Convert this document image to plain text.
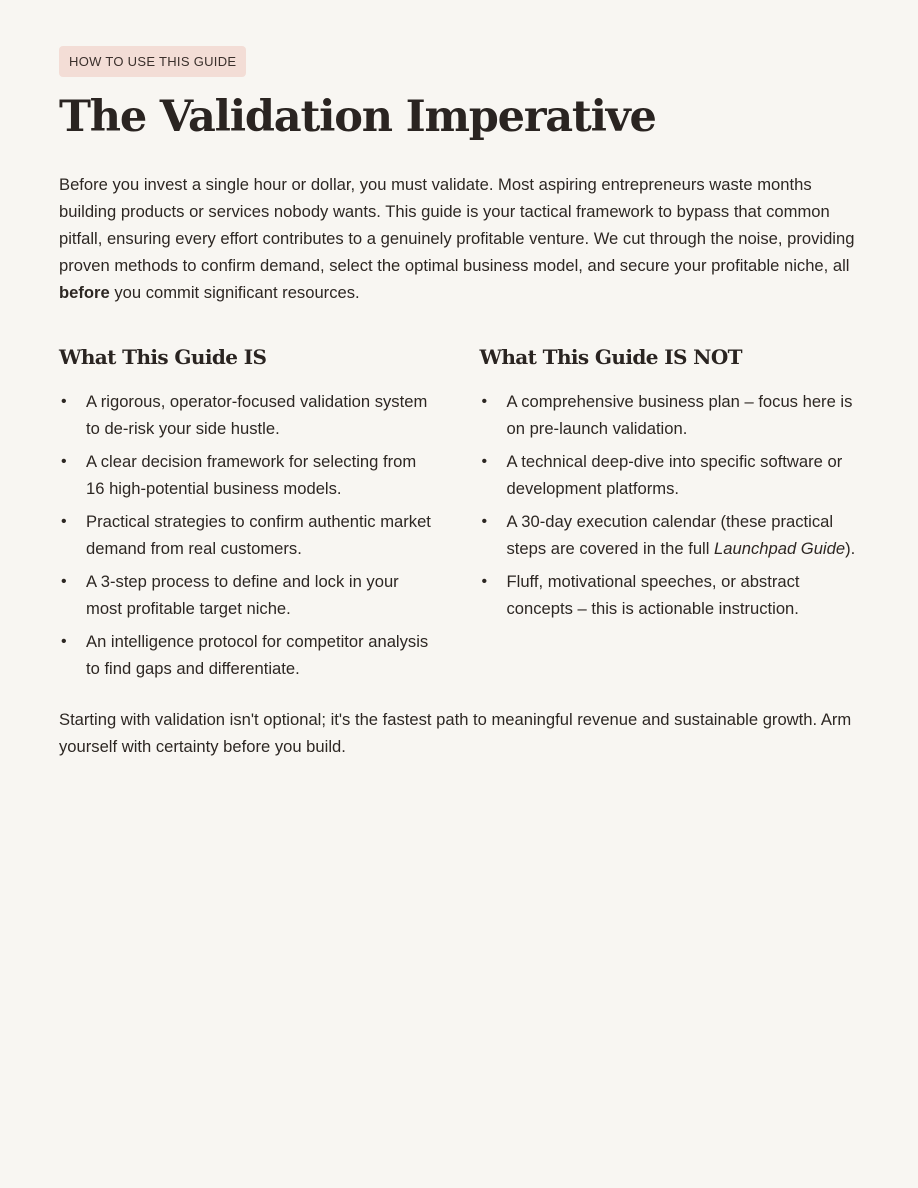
HOW TO USE THIS GUIDE
The Validation Imperative

Before you invest a single hour or dollar, you must validate. Most aspiring entrepreneurs waste months building products or services nobody wants. This guide is your tactical framework to bypass that common pitfall, ensuring every effort contributes to a genuinely profitable venture. We cut through the noise, providing proven methods to confirm demand, select the optimal business model, and secure your profitable niche, all before you commit significant resources.

What This Guide IS
• A rigorous, operator-focused validation system to de-risk your side hustle.
• A clear decision framework for selecting from 16 high-potential business models.
• Practical strategies to confirm authentic market demand from real customers.
• A 3-step process to define and lock in your most profitable target niche.
• An intelligence protocol for competitor analysis to find gaps and differentiate.
What This Guide IS NOT
• A comprehensive business plan – focus here is on pre-launch validation.
• A technical deep-dive into specific software or development platforms.
• A 30-day execution calendar (these practical steps are covered in the full Launchpad Guide).
• Fluff, motivational speeches, or abstract concepts – this is actionable instruction.

Starting with validation isn't optional; it's the fastest path to meaningful revenue and sustainable growth. Arm yourself with certainty before you build.
